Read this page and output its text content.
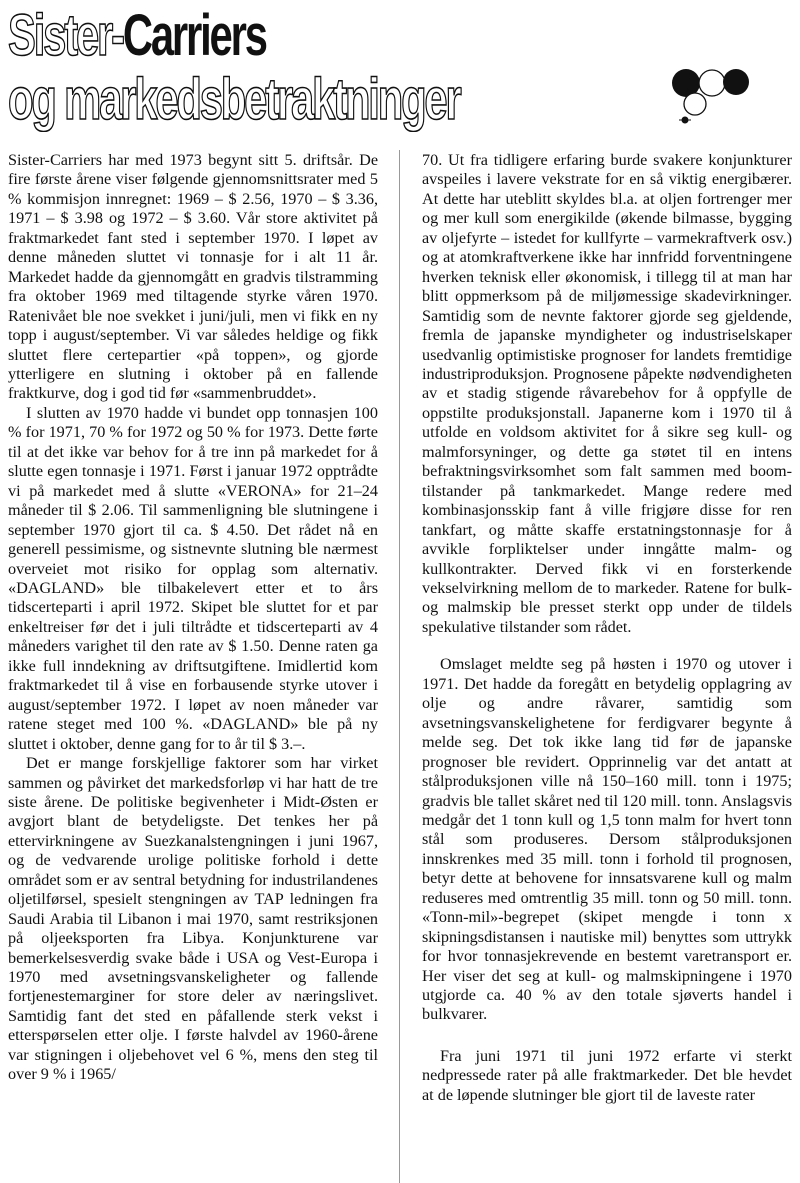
Sister-Carriers
og markedsbetraktninger

Sister-Carriers har med 1973 begynt sitt 5. driftsår. De fire første årene viser følgende gjennomsnittsrater med 5 % kommisjon innregnet: 1969 – $ 2.56, 1970 – $ 3.36, 1971 – $ 3.98 og 1972 – $ 3.60. Vår store aktivitet på fraktmarkedet fant sted i september 1970. I løpet av denne måneden sluttet vi tonnasje for i alt 11 år. Markedet hadde da gjennomgått en gradvis tilstramming fra oktober 1969 med tiltagende styrke våren 1970. Ratenivået ble noe svekket i juni/juli, men vi fikk en ny topp i august/september. Vi var således heldige og fikk sluttet flere certepartier «på toppen», og gjorde ytterligere en slutning i oktober på en fallende fraktkurve, dog i god tid før «sammenbruddet».

I slutten av 1970 hadde vi bundet opp tonnasjen 100 % for 1971, 70 % for 1972 og 50 % for 1973. Dette førte til at det ikke var behov for å tre inn på markedet for å slutte egen tonnasje i 1971. Først i januar 1972 opptrådte vi på markedet med å slutte «VERONA» for 21–24 måneder til $ 2.06. Til sammenligning ble slutningene i september 1970 gjort til ca. $ 4.50. Det rådet nå en generell pessimisme, og sistnevnte slutning ble nærmest overveiet mot risiko for opplag som alternativ. «DAGLAND» ble tilbakelevert etter et to års tidscerteparti i april 1972. Skipet ble sluttet for et par enkeltreiser før det i juli tiltrådte et tidscerteparti av 4 måneders varighet til den rate av $ 1.50. Denne raten ga ikke full inndekning av driftsutgiftene. Imidlertid kom fraktmarkedet til å vise en forbausende styrke utover i august/september 1972. I løpet av noen måneder var ratene steget med 100 %. «DAGLAND» ble på ny sluttet i oktober, denne gang for to år til $ 3.–.

Det er mange forskjellige faktorer som har virket sammen og påvirket det markedsforløp vi har hatt de tre siste årene. De politiske begivenheter i Midt-Østen er avgjort blant de betydeligste. Det tenkes her på ettervirkningene av Suezkanalstengningen i juni 1967, og de vedvarende urolige politiske forhold i dette området som er av sentral betydning for industrilandenes oljetilførsel, spesielt stengningen av TAP ledningen fra Saudi Arabia til Libanon i mai 1970, samt restriksjonen på oljeeksporten fra Libya. Konjunkturene var bemerkelsesverdig svake både i USA og Vest-Europa i 1970 med avsetningsvanskeligheter og fallende fortjenestemarginer for store deler av næringslivet. Samtidig fant det sted en påfallende sterk vekst i etterspørselen etter olje. I første halvdel av 1960-årene var stigningen i oljebehovet vel 6 %, mens den steg til over 9 % i 1965/

70. Ut fra tidligere erfaring burde svakere konjunkturer avspeiles i lavere vekstrate for en så viktig energibærer. At dette har uteblitt skyldes bl.a. at oljen fortrenger mer og mer kull som energikilde (økende bilmasse, bygging av oljefyrte – istedet for kullfyrte – varmekraftverk osv.) og at atomkraftverkene ikke har innfridd forventningene hverken teknisk eller økonomisk, i tillegg til at man har blitt oppmerksom på de miljømessige skadevirkninger. Samtidig som de nevnte faktorer gjorde seg gjeldende, fremla de japanske myndigheter og industriselskaper usedvanlig optimistiske prognoser for landets fremtidige industriproduksjon. Prognosene påpekte nødvendigheten av et stadig stigende råvarebehov for å oppfylle de oppstilte produksjonstall. Japanerne kom i 1970 til å utfolde en voldsom aktivitet for å sikre seg kull- og malmforsyninger, og dette ga støtet til en intens befraktningsvirksomhet som falt sammen med boom-tilstander på tankmarkedet. Mange redere med kombinasjonsskip fant å ville frigjøre disse for ren tankfart, og måtte skaffe erstatningstonnasje for å avvikle forpliktelser under inngåtte malm- og kullkontrakter. Derved fikk vi en forsterkende vekselvirkning mellom de to markeder. Ratene for bulk- og malmskip ble presset sterkt opp under de tildels spekulative tilstander som rådet.

Omslaget meldte seg på høsten i 1970 og utover i 1971. Det hadde da foregått en betydelig opplagring av olje og andre råvarer, samtidig som avsetningsvanskelighetene for ferdigvarer begynte å melde seg. Det tok ikke lang tid før de japanske prognoser ble revidert. Opprinnelig var det antatt at stålproduksjonen ville nå 150–160 mill. tonn i 1975; gradvis ble tallet skåret ned til 120 mill. tonn. Anslagsvis medgår det 1 tonn kull og 1,5 tonn malm for hvert tonn stål som produseres. Dersom stålproduksjonen innskrenkes med 35 mill. tonn i forhold til prognosen, betyr dette at behovene for innsatsvarene kull og malm reduseres med omtrentlig 35 mill. tonn og 50 mill. tonn. «Tonn-mil»-begrepet (skipet mengde i tonn x skipningsdistansen i nautiske mil) benyttes som uttrykk for hvor tonnasjekrevende en bestemt varetransport er. Her viser det seg at kull- og malmskipningene i 1970 utgjorde ca. 40 % av den totale sjøverts handel i bulkvarer.

Fra juni 1971 til juni 1972 erfarte vi sterkt nedpressede rater på alle fraktmarkeder. Det ble hevdet at de løpende slutninger ble gjort til de laveste rater
